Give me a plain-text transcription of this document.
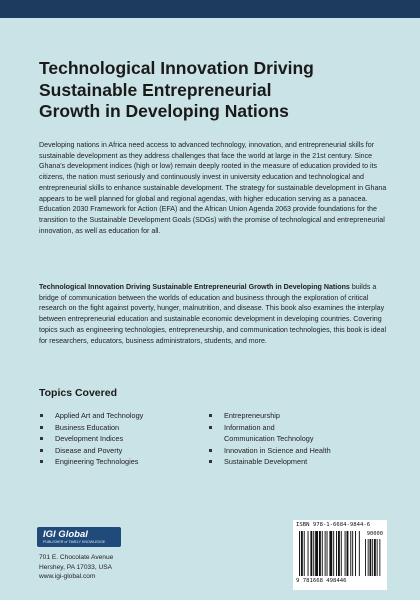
Technological Innovation Driving
Sustainable Entrepreneurial
Growth in Developing Nations
Developing nations in Africa need access to advanced technology, innovation, and entrepreneurial skills for sustainable development as they address challenges that face the world at large in the 21st century. Since Ghana's development indices (high or low) remain deeply rooted in the measure of education provided to its citizens, the nation must seriously and continuously invest in university education and technological and entrepreneurial skills to enhance sustainable development. The strategy for sustainable development in Ghana appears to be well planned for global and regional agendas, with higher education serving as a panacea. Education 2030 Framework for Action (EFA) and the African Union Agenda 2063 provide foundations for the transition to the Sustainable Development Goals (SDGs) with the promise of technological and entrepreneurial innovation, as well as education for all.
Technological Innovation Driving Sustainable Entrepreneurial Growth in Developing Nations builds a bridge of communication between the worlds of education and business through the exploration of critical research on the fight against poverty, hunger, malnutrition, and disease. This book also examines the interplay between entrepreneurial education and sustainable economic development in developing countries. Covering topics such as engineering technologies, entrepreneurship, and communication technologies, this book is ideal for researchers, educators, business administrators, students, and more.
Topics Covered
Applied Art and Technology
Business Education
Development Indices
Disease and Poverty
Engineering Technologies
Entrepreneurship
Information and
Communication Technology
Innovation in Science and Health
Sustainable Development
IGI Global
PUBLISHER of TIMELY KNOWLEDGE
701 E. Chocolate Avenue
Hershey, PA 17033, USA
www.igi-global.com
ISBN 978-1-6684-9844-6
90000
9 781668 498446
